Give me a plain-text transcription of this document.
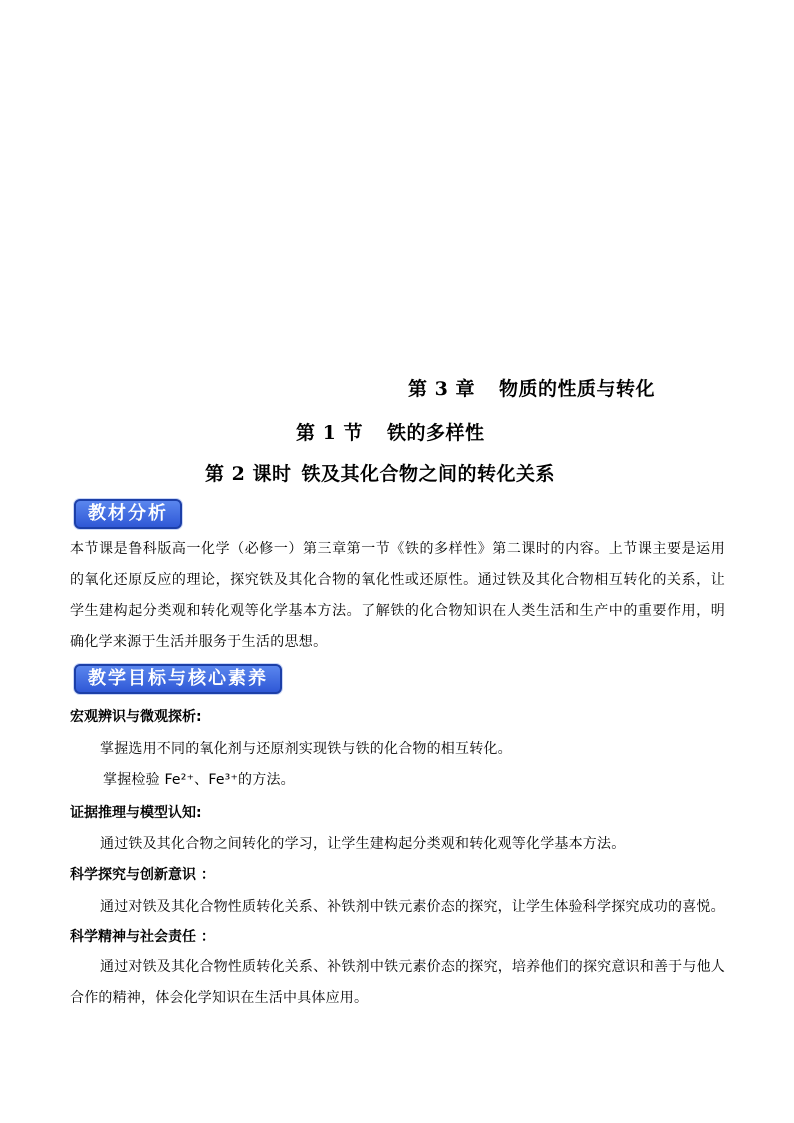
第 3 章 物质的性质与转化
第 1 节 铁的多样性
第 2 课时 铁及其化合物之间的转化关系
教材分析
本节课是鲁科版高一化学（必修一）第三章第一节《铁的多样性》第二课时的内容。上节课主要是运用的氧化还原反应的理论，探究铁及其化合物的氧化性或还原性。通过铁及其化合物相互转化的关系，让学生建构起分类观和转化观等化学基本方法。了解铁的化合物知识在人类生活和生产中的重要作用，明确化学来源于生活并服务于生活的思想。
教学目标与核心素养
宏观辨识与微观探析:
掌握选用不同的氧化剂与还原剂实现铁与铁的化合物的相互转化。
掌握检验 Fe²⁺、Fe³⁺的方法。
证据推理与模型认知:
通过铁及其化合物之间转化的学习，让学生建构起分类观和转化观等化学基本方法。
科学探究与创新意识 ：
通过对铁及其化合物性质转化关系、补铁剂中铁元素价态的探究，让学生体验科学探究成功的喜悦。
科学精神与社会责任 ：
通过对铁及其化合物性质转化关系、补铁剂中铁元素价态的探究，培养他们的探究意识和善于与他人合作的精神，体会化学知识在生活中具体应用。
